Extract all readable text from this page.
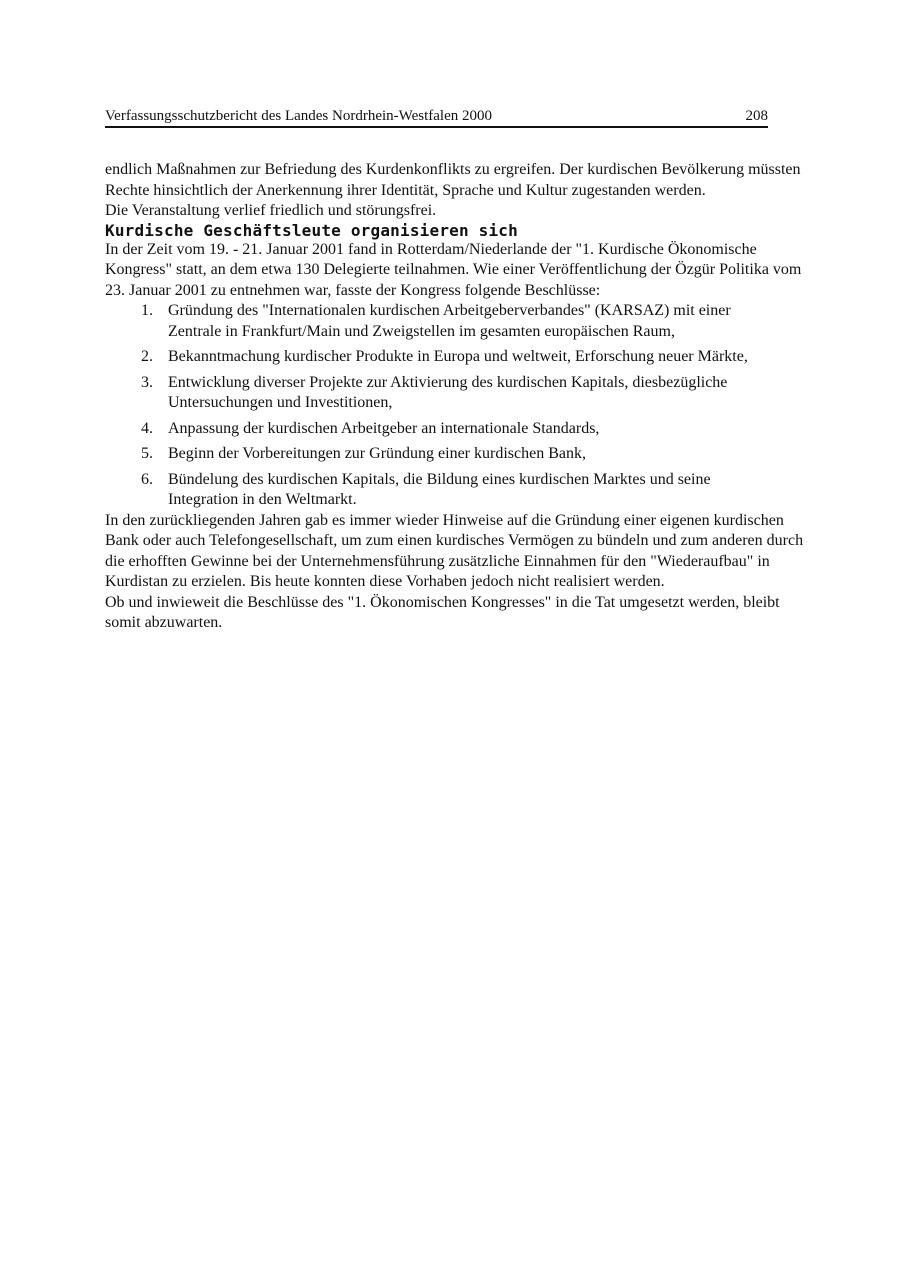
Verfassungsschutzbericht des Landes Nordrhein-Westfalen 2000	208

endlich Maßnahmen zur Befriedung des Kurdenkonflikts zu ergreifen. Der kurdischen Bevölkerung müssten Rechte hinsichtlich der Anerkennung ihrer Identität, Sprache und Kultur zugestanden werden.

Die Veranstaltung verlief friedlich und störungsfrei.

Kurdische Geschäftsleute organisieren sich

In der Zeit vom 19. - 21. Januar 2001 fand in Rotterdam/Niederlande der "1. Kurdische Ökonomische Kongress" statt, an dem etwa 130 Delegierte teilnahmen. Wie einer Veröffentlichung der Özgür Politika vom 23. Januar 2001 zu entnehmen war, fasste der Kongress folgende Beschlüsse:

1. Gründung des "Internationalen kurdischen Arbeitgeberverbandes" (KARSAZ) mit einer Zentrale in Frankfurt/Main und Zweigstellen im gesamten europäischen Raum,
2. Bekanntmachung kurdischer Produkte in Europa und weltweit, Erforschung neuer Märkte,
3. Entwicklung diverser Projekte zur Aktivierung des kurdischen Kapitals, diesbezügliche Untersuchungen und Investitionen,
4. Anpassung der kurdischen Arbeitgeber an internationale Standards,
5. Beginn der Vorbereitungen zur Gründung einer kurdischen Bank,
6. Bündelung des kurdischen Kapitals, die Bildung eines kurdischen Marktes und seine Integration in den Weltmarkt.

In den zurückliegenden Jahren gab es immer wieder Hinweise auf die Gründung einer eigenen kurdischen Bank oder auch Telefongesellschaft, um zum einen kurdisches Vermögen zu bündeln und zum anderen durch die erhofften Gewinne bei der Unternehmensführung zusätzliche Einnahmen für den "Wiederaufbau" in Kurdistan zu erzielen. Bis heute konnten diese Vorhaben jedoch nicht realisiert werden.

Ob und inwieweit die Beschlüsse des "1. Ökonomischen Kongresses" in die Tat umgesetzt werden, bleibt somit abzuwarten.
